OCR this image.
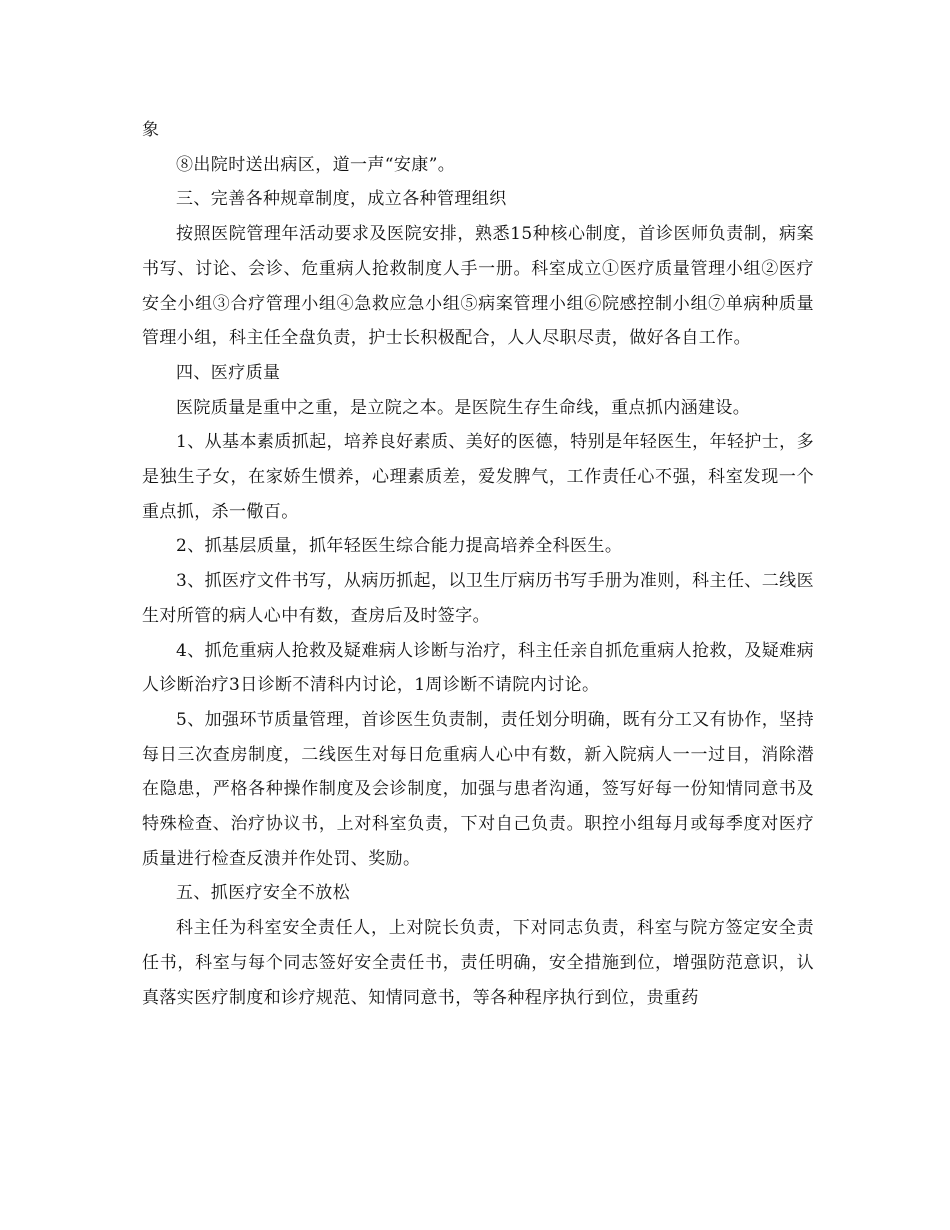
象

⑧出院时送出病区，道一声“安康”。

三、完善各种规章制度，成立各种管理组织

按照医院管理年活动要求及医院安排，熟悉15种核心制度，首诊医师负责制，病案书写、讨论、会诊、危重病人抢救制度人手一册。科室成立①医疗质量管理小组②医疗安全小组③合疗管理小组④急救应急小组⑤病案管理小组⑥院感控制小组⑦单病种质量管理小组，科主任全盘负责，护士长积极配合，人人尽职尽责，做好各自工作。

四、医疗质量

医院质量是重中之重，是立院之本。是医院生存生命线，重点抓内涵建设。

1、从基本素质抓起，培养良好素质、美好的医德，特别是年轻医生，年轻护士，多是独生子女，在家娇生惯养，心理素质差，爱发脾气，工作责任心不强，科室发现一个重点抓，杀一儆百。

2、抓基层质量，抓年轻医生综合能力提高培养全科医生。

3、抓医疗文件书写，从病历抓起，以卫生厅病历书写手册为准则，科主任、二线医生对所管的病人心中有数，查房后及时签字。

4、抓危重病人抢救及疑难病人诊断与治疗，科主任亲自抓危重病人抢救，及疑难病人诊断治疗3日诊断不清科内讨论，1周诊断不请院内讨论。

5、加强环节质量管理，首诊医生负责制，责任划分明确，既有分工又有协作，坚持每日三次查房制度，二线医生对每日危重病人心中有数，新入院病人一一过目，消除潜在隐患，严格各种操作制度及会诊制度，加强与患者沟通，签写好每一份知情同意书及特殊检查、治疗协议书，上对科室负责，下对自己负责。职控小组每月或每季度对医疗质量进行检查反溃并作处罚、奖励。

五、抓医疗安全不放松

科主任为科室安全责任人，上对院长负责，下对同志负责，科室与院方签定安全责任书，科室与每个同志签好安全责任书，责任明确，安全措施到位，增强防范意识，认真落实医疗制度和诊疗规范、知情同意书，等各种程序执行到位，贵重药
